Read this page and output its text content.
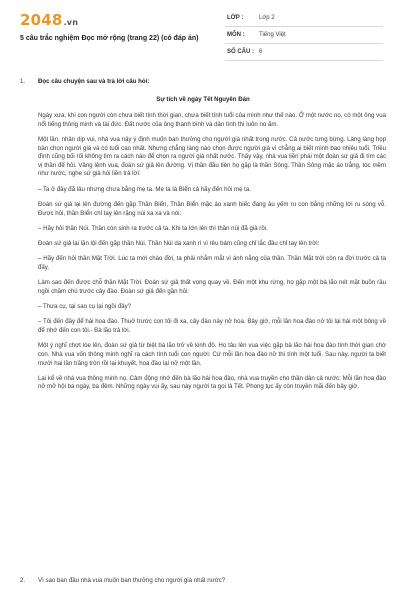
2048.vn
5 câu trắc nghiệm Đọc mở rộng (trang 22) (có đáp án)
LỚP :	Lớp 2
MÔN : Tiếng Việt
SỐ CÂU : 6
1. Đọc câu chuyện sau và trả lời câu hỏi:
Sự tích về ngày Tết Nguyên Đán

Ngày xưa, khi con người còn chưa biết tính thời gian, chưa biết tính tuổi của mình như thế nào. Ở một nước nọ, có một ông vua nổi tiếng thông minh và tài đức. Đất nước của ông thanh bình và dân tình thì luôn no ấm.

Một lần, nhân dịp vui, nhà vua nảy ý định muốn ban thưởng cho người già nhất trong nước. Cả nước tưng bừng. Làng làng họp bàn chọn người già và có tuổi cao nhất. Nhưng chẳng làng nào chọn được người già vì chẳng ai biết mình bao nhiêu tuổi. Triều đình cũng bối rối không tìm ra cách nào để chọn ra người già nhất nước. Thấy vậy, nhà vua liền phái một đoàn sứ giả đi tìm các vị thần để hỏi. Vâng lệnh vua, đoàn sứ giả lên đường. Vị thần đầu tiên họ gặp là thần Sông. Thần Sông mặc áo trắng, tóc mềm như nước, nghe sứ giả hỏi liền trả lời:

– Ta ở đây đã lâu nhưng chưa bằng mẹ ta. Mẹ ta là Biển cả hãy đến hỏi mẹ ta.

Đoàn sứ giả lại lên đường đến gặp Thần Biển, Thần Biển mặc áo xanh biếc đang âu yếm ru con bằng những lời ru sóng vỗ. Được hỏi, thần Biển chỉ tay lên rặng núi xa xa và nói:

– Hãy hỏi thần Núi. Thần còn sinh ra trước cả ta. Khi ta lớn lên thì thần núi đã già rồi.

Đoàn sứ giả lại lặn lội đến gặp thần Núi. Thần Núi da xanh rì vì rêu bám cũng chỉ lắc đầu chỉ tay lên trời:

– Hãy đến hỏi thần Mặt Trời. Lúc ta mới chào đời, ta phải nhắm mắt vì ánh nắng của thần. Thần Mặt trời còn ra đời trước cả ta đấy.

Làm sao đến được chỗ thần Mặt Trời. Đoàn sứ giả thất vọng quay về. Đến một khu rừng, họ gặp một bà lão nét mặt buồn rầu ngồi chăm chú trước cây đào. Đoàn sứ giả đến gần hỏi:

– Thưa cụ, tại sao cụ lại ngồi đây?

– Tôi đến đây để hái hoa đào. Thuở trước con tôi đi xa, cây đào này nở hoa. Bây giờ, mỗi lần hoa đào nở tôi lại hái một bông về để nhớ đến con tôi.- Bà lão trả lời.

Một ý nghĩ chợt lóe lên, đoàn sứ giả từ biệt bà lão trở về kinh đô. Họ tâu lên vua việc gặp bà lão hái hoa đào tính thời gian chờ con. Nhà vua vốn thông minh nghĩ ra cách tính tuổi con người: Cứ mỗi lần hoa đào nở thì tính một tuổi. Sau này, người ta biết mười hai lần trăng tròn rồi lại khuyết, hoa đào lại nở một lần.

Lại kể về nhà vua thông minh nọ. Cảm động nhớ đến bà lão hái hoa đào, nhà vua truyền cho thần dân cả nước: Mỗi lần hoa đào nở mở hội ba ngày, ba đêm. Những ngày vui ấy, sau này người ta gọi là Tết. Phong tục ấy còn truyền mãi đến bây giờ.

2. Vì sao ban đầu nhà vua muốn ban thưởng cho người già nhất nước?
